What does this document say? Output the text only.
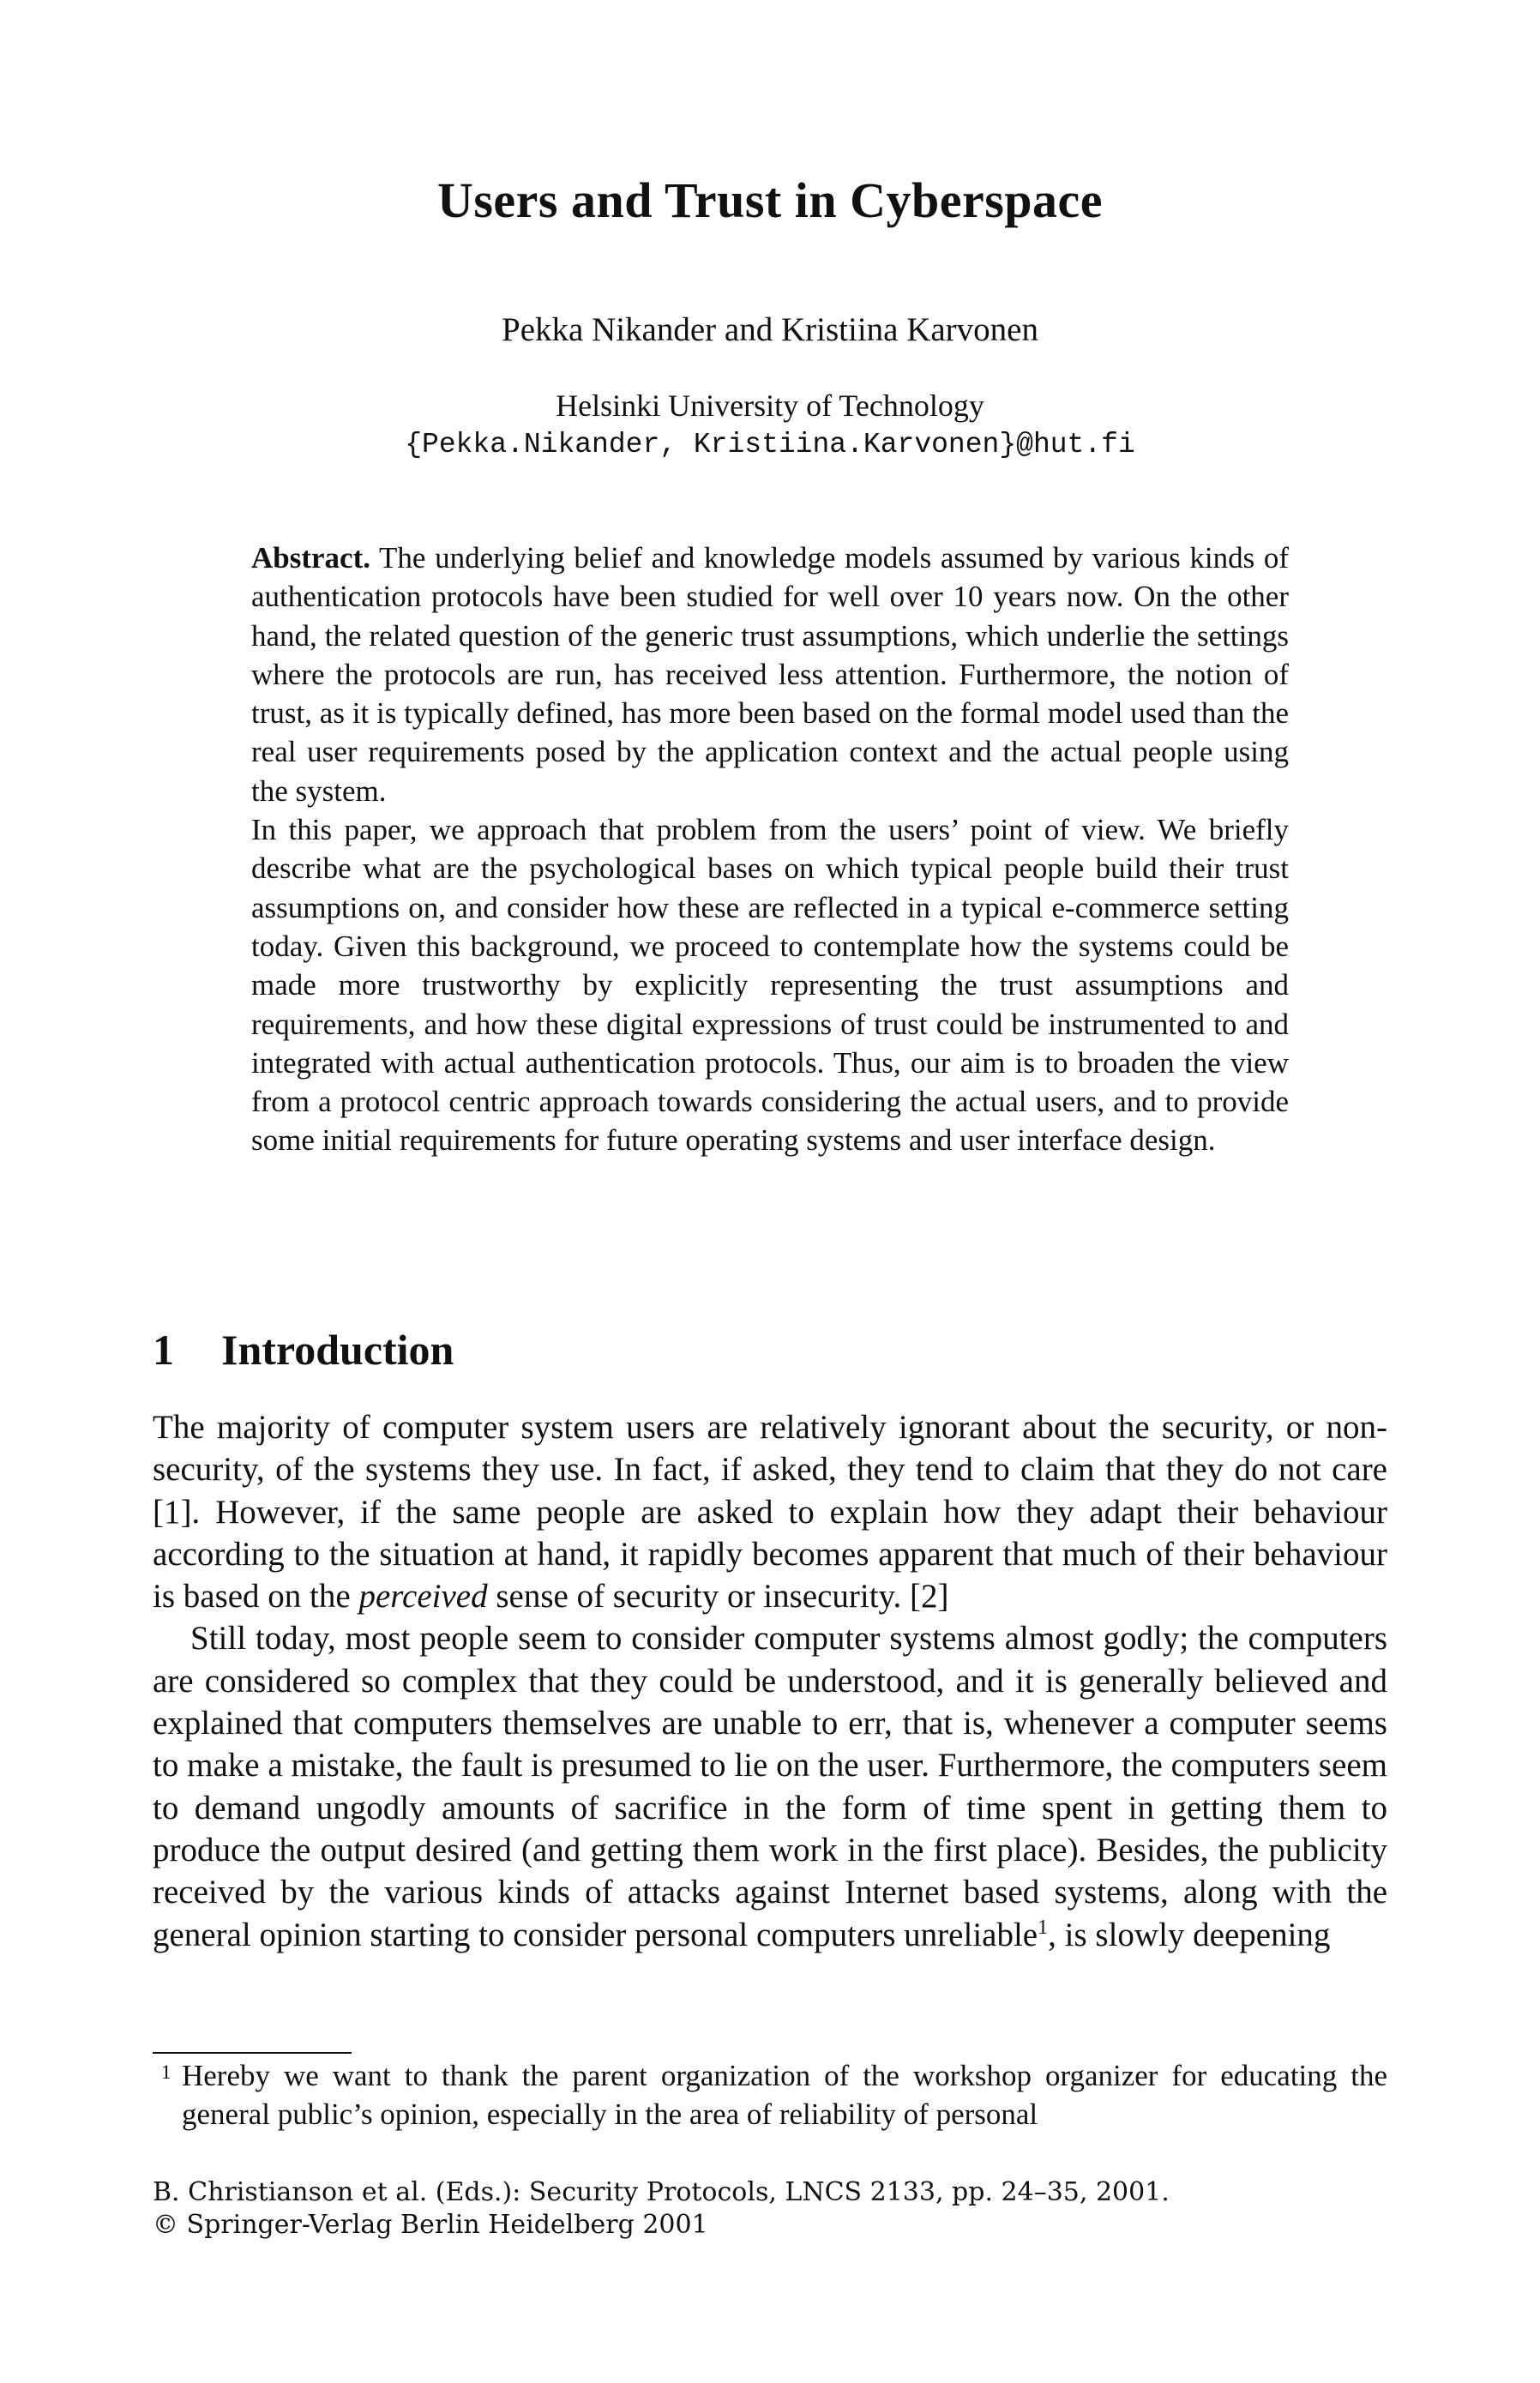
Users and Trust in Cyberspace
Pekka Nikander and Kristiina Karvonen
Helsinki University of Technology
{Pekka.Nikander, Kristiina.Karvonen}@hut.fi

Abstract. The underlying belief and knowledge models assumed by various kinds of authentication protocols have been studied for well over 10 years now. On the other hand, the related question of the generic trust assumptions, which underlie the settings where the protocols are run, has received less attention. Furthermore, the notion of trust, as it is typically defined, has more been based on the formal model used than the real user requirements posed by the application context and the actual people using the system.

In this paper, we approach that problem from the users’ point of view. We briefly describe what are the psychological bases on which typical people build their trust assumptions on, and consider how these are reflected in a typical e-commerce setting today. Given this background, we proceed to contemplate how the systems could be made more trustworthy by explicitly representing the trust assumptions and requirements, and how these digital expressions of trust could be instrumented to and integrated with actual authentication protocols. Thus, our aim is to broaden the view from a protocol centric approach towards considering the actual users, and to provide some initial requirements for future operating systems and user interface design.

1 Introduction

The majority of computer system users are relatively ignorant about the security, or non-security, of the systems they use. In fact, if asked, they tend to claim that they do not care [1]. However, if the same people are asked to explain how they adapt their behaviour according to the situation at hand, it rapidly becomes apparent that much of their behaviour is based on the perceived sense of security or insecurity. [2]

Still today, most people seem to consider computer systems almost godly; the computers are considered so complex that they could be understood, and it is generally believed and explained that computers themselves are unable to err, that is, whenever a computer seems to make a mistake, the fault is presumed to lie on the user. Furthermore, the computers seem to demand ungodly amounts of sacrifice in the form of time spent in getting them to produce the output desired (and getting them work in the first place). Besides, the publicity received by the various kinds of attacks against Internet based systems, along with the general opinion starting to consider personal computers unreliable$^1$, is slowly deepening

1 Hereby we want to thank the parent organization of the workshop organizer for educating the general public’s opinion, especially in the area of reliability of personal
B. Christianson et al. (Eds.): Security Protocols, LNCS 2133, pp. 24–35, 2001.
© Springer-Verlag Berlin Heidelberg 2001
